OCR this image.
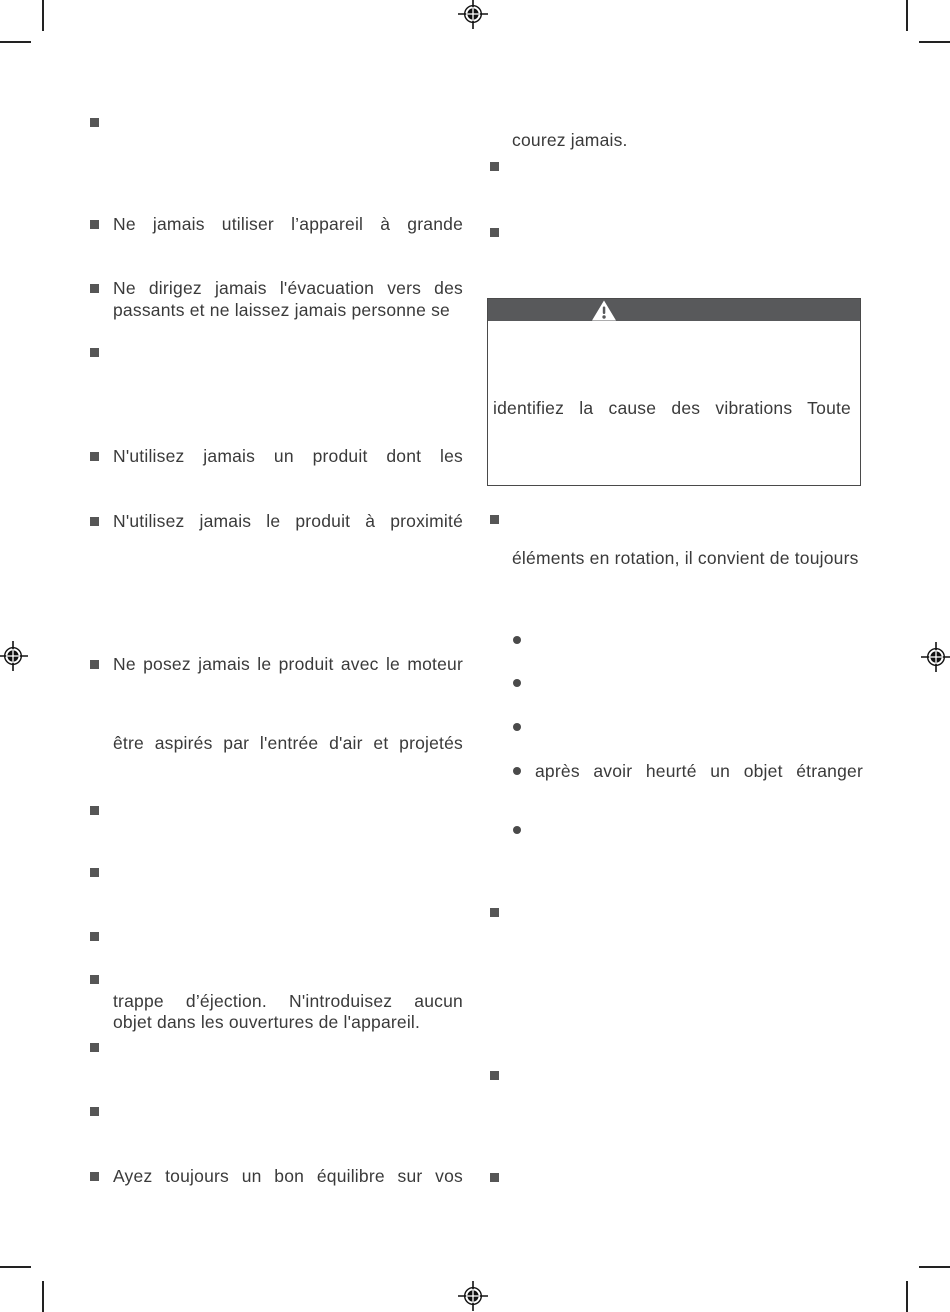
Ne jamais utiliser l’appareil à grande
Ne dirigez jamais l'évacuation vers des
passants et ne laissez jamais personne se
N'utilisez jamais un produit dont les
N'utilisez jamais le produit à proximité
Ne posez jamais le produit avec le moteur
être aspirés par l'entrée d'air et projetés
trappe d’éjection. N'introduisez aucun
objet dans les ouvertures de l'appareil.
Ayez toujours un bon équilibre sur vos
courez jamais.
identifiez la cause des vibrations Toute
éléments en rotation, il convient de toujours
après avoir heurté un objet étranger
